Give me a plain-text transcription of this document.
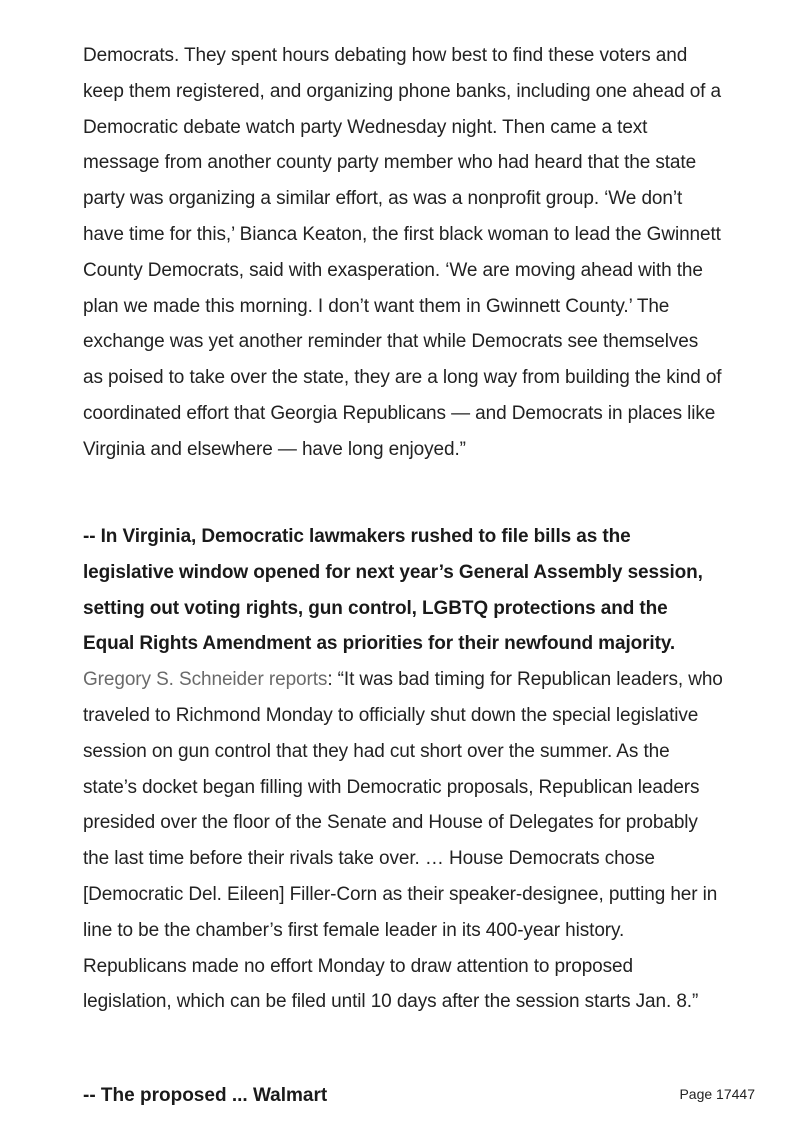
Democrats. They spent hours debating how best to find these voters and keep them registered, and organizing phone banks, including one ahead of a Democratic debate watch party Wednesday night. Then came a text message from another county party member who had heard that the state party was organizing a similar effort, as was a nonprofit group. ‘We don’t have time for this,’ Bianca Keaton, the first black woman to lead the Gwinnett County Democrats, said with exasperation. ‘We are moving ahead with the plan we made this morning. I don’t want them in Gwinnett County.’ The exchange was yet another reminder that while Democrats see themselves as poised to take over the state, they are a long way from building the kind of coordinated effort that Georgia Republicans — and Democrats in places like Virginia and elsewhere — have long enjoyed.”

-- In Virginia, Democratic lawmakers rushed to file bills as the legislative window opened for next year’s General Assembly session, setting out voting rights, gun control, LGBTQ protections and the Equal Rights Amendment as priorities for their newfound majority. Gregory S. Schneider reports: “It was bad timing for Republican leaders, who traveled to Richmond Monday to officially shut down the special legislative session on gun control that they had cut short over the summer. As the state’s docket began filling with Democratic proposals, Republican leaders presided over the floor of the Senate and House of Delegates for probably the last time before their rivals take over. … House Democrats chose [Democratic Del. Eileen] Filler-Corn as their speaker-designee, putting her in line to be the chamber’s first female leader in its 400-year history. Republicans made no effort Monday to draw attention to proposed legislation, which can be filed until 10 days after the session starts Jan. 8.”

-- The proposed ... Walmart	Page 17447
